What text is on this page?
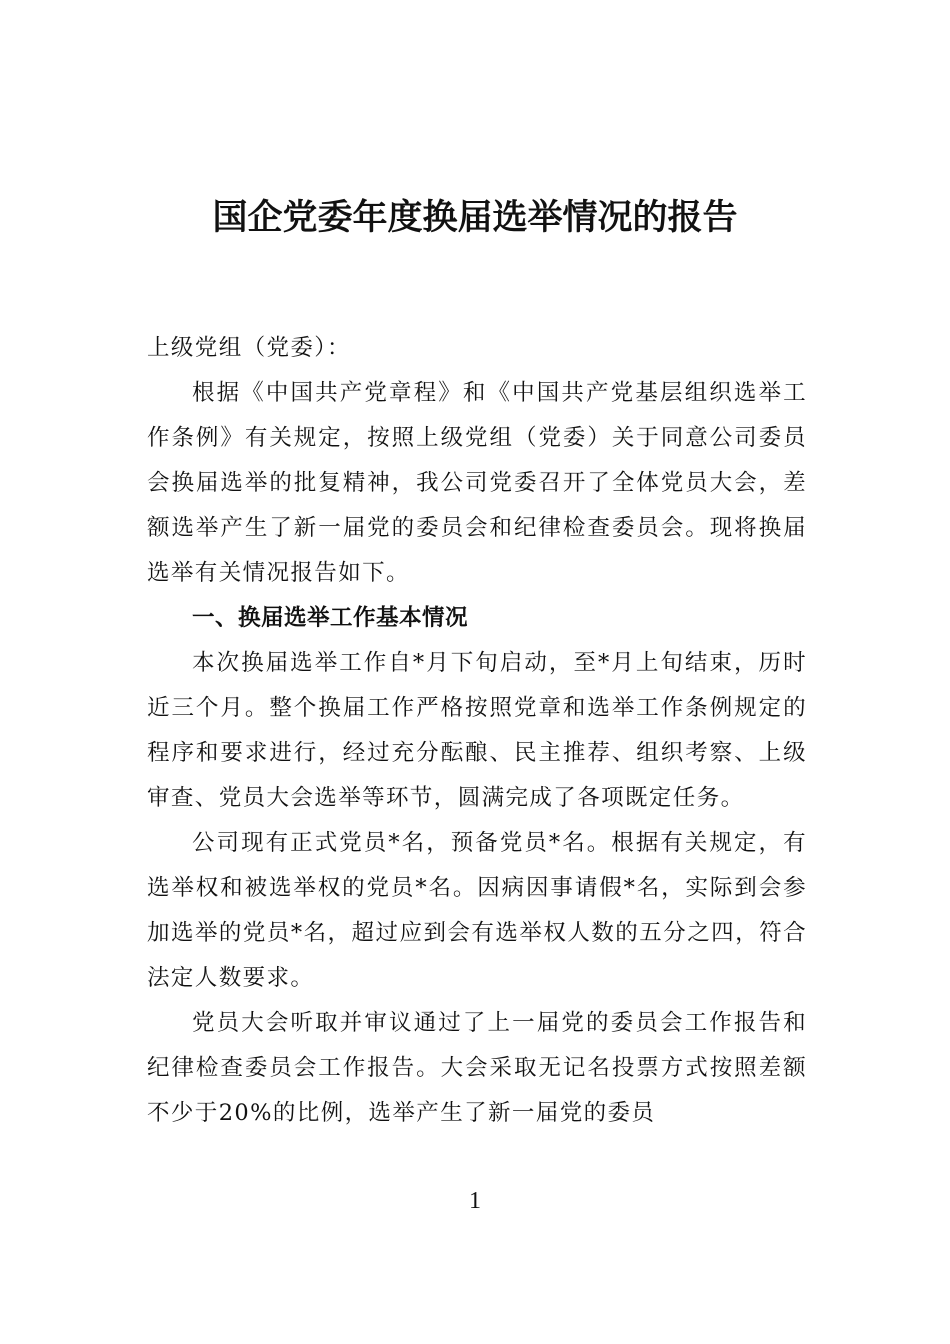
国企党委年度换届选举情况的报告

上级党组（党委）：

根据《中国共产党章程》和《中国共产党基层组织选举工作条例》有关规定，按照上级党组（党委）关于同意公司委员会换届选举的批复精神，我公司党委召开了全体党员大会，差额选举产生了新一届党的委员会和纪律检查委员会。现将换届选举有关情况报告如下。

一、换届选举工作基本情况

本次换届选举工作自*月下旬启动，至*月上旬结束，历时近三个月。整个换届工作严格按照党章和选举工作条例规定的程序和要求进行，经过充分酝酿、民主推荐、组织考察、上级审查、党员大会选举等环节，圆满完成了各项既定任务。

公司现有正式党员*名，预备党员*名。根据有关规定，有选举权和被选举权的党员*名。因病因事请假*名，实际到会参加选举的党员*名，超过应到会有选举权人数的五分之四，符合法定人数要求。

党员大会听取并审议通过了上一届党的委员会工作报告和纪律检查委员会工作报告。大会采取无记名投票方式按照差额不少于20%的比例，选举产生了新一届党的委员

1
